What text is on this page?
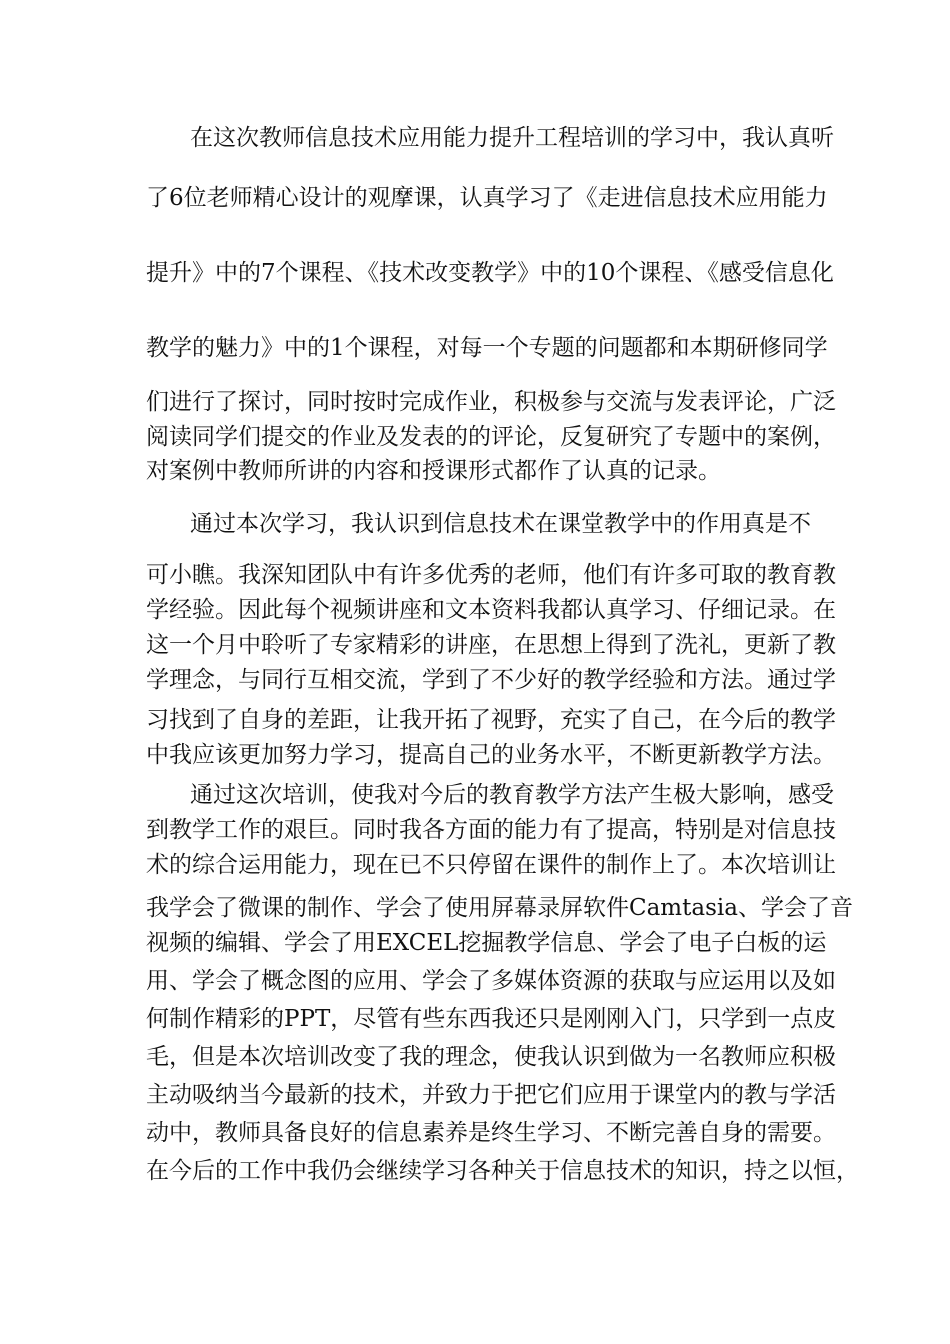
在这次教师信息技术应用能力提升工程培训的学习中，我认真听

了6位老师精心设计的观摩课，认真学习了《走进信息技术应用能力

提升》中的7个课程、《技术改变教学》中的10个课程、《感受信息化

教学的魅力》中的1个课程，对每一个专题的问题都和本期研修同学

们进行了探讨，同时按时完成作业，积极参与交流与发表评论，广泛

阅读同学们提交的作业及发表的的评论，反复研究了专题中的案例，

对案例中教师所讲的内容和授课形式都作了认真的记录。

通过本次学习，我认识到信息技术在课堂教学中的作用真是不

可小瞧。我深知团队中有许多优秀的老师，他们有许多可取的教育教

学经验。因此每个视频讲座和文本资料我都认真学习、仔细记录。在

这一个月中聆听了专家精彩的讲座，在思想上得到了洗礼，更新了教

学理念，与同行互相交流，学到了不少好的教学经验和方法。通过学

习找到了自身的差距，让我开拓了视野，充实了自己，在今后的教学

中我应该更加努力学习，提高自己的业务水平，不断更新教学方法。

通过这次培训，使我对今后的教育教学方法产生极大影响，感受

到教学工作的艰巨。同时我各方面的能力有了提高，特别是对信息技

术的综合运用能力，现在已不只停留在课件的制作上了。本次培训让

我学会了微课的制作、学会了使用屏幕录屏软件Camtasia、学会了音

视频的编辑、学会了用EXCEL挖掘教学信息、学会了电子白板的运

用、学会了概念图的应用、学会了多媒体资源的获取与应运用以及如

何制作精彩的PPT，尽管有些东西我还只是刚刚入门，只学到一点皮

毛，但是本次培训改变了我的理念，使我认识到做为一名教师应积极

主动吸纳当今最新的技术，并致力于把它们应用于课堂内的教与学活

动中，教师具备良好的信息素养是终生学习、不断完善自身的需要。

在今后的工作中我仍会继续学习各种关于信息技术的知识，持之以恒，
